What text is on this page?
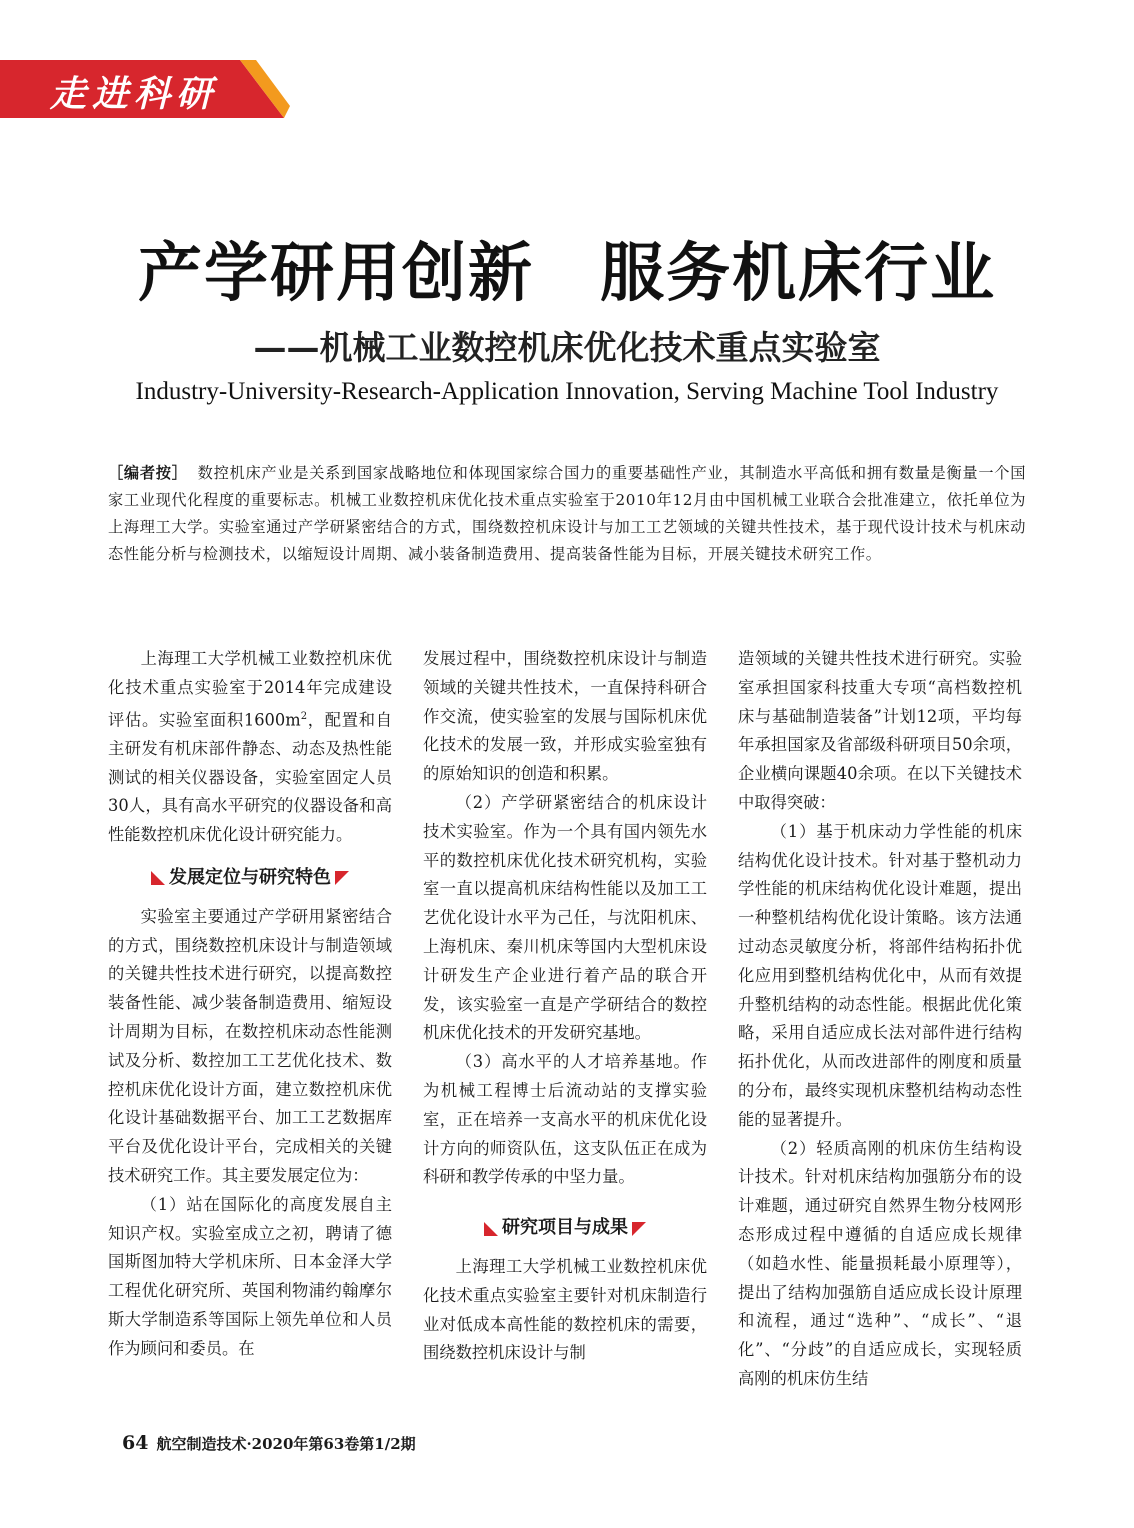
走进科研
产学研用创新　服务机床行业
——机械工业数控机床优化技术重点实验室
Industry-University-Research-Application Innovation, Serving Machine Tool Industry
［编者按］ 数控机床产业是关系到国家战略地位和体现国家综合国力的重要基础性产业，其制造水平高低和拥有数量是衡量一个国家工业现代化程度的重要标志。机械工业数控机床优化技术重点实验室于2010年12月由中国机械工业联合会批准建立，依托单位为上海理工大学。实验室通过产学研紧密结合的方式，围绕数控机床设计与加工工艺领域的关键共性技术，基于现代设计技术与机床动态性能分析与检测技术，以缩短设计周期、减小装备制造费用、提高装备性能为目标，开展关键技术研究工作。

上海理工大学机械工业数控机床优化技术重点实验室于2014年完成建设评估。实验室面积$1600m^2$，配置和自主研发有机床部件静态、动态及热性能测试的相关仪器设备，实验室固定人员30人，具有高水平研究的仪器设备和高性能数控机床优化设计研究能力。

发展定位与研究特色

实验室主要通过产学研用紧密结合的方式，围绕数控机床设计与制造领域的关键共性技术进行研究，以提高数控装备性能、减少装备制造费用、缩短设计周期为目标，在数控机床动态性能测试及分析、数控加工工艺优化技术、数控机床优化设计方面，建立数控机床优化设计基础数据平台、加工工艺数据库平台及优化设计平台，完成相关的关键技术研究工作。其主要发展定位为：

（1）站在国际化的高度发展自主知识产权。实验室成立之初，聘请了德国斯图加特大学机床所、日本金泽大学工程优化研究所、英国利物浦约翰摩尔斯大学制造系等国际上领先单位和人员作为顾问和委员。在

发展过程中，围绕数控机床设计与制造领域的关键共性技术，一直保持科研合作交流，使实验室的发展与国际机床优化技术的发展一致，并形成实验室独有的原始知识的创造和积累。

（2）产学研紧密结合的机床设计技术实验室。作为一个具有国内领先水平的数控机床优化技术研究机构，实验室一直以提高机床结构性能以及加工工艺优化设计水平为己任，与沈阳机床、上海机床、秦川机床等国内大型机床设计研发生产企业进行着产品的联合开发，该实验室一直是产学研结合的数控机床优化技术的开发研究基地。

（3）高水平的人才培养基地。作为机械工程博士后流动站的支撑实验室，正在培养一支高水平的机床优化设计方向的师资队伍，这支队伍正在成为科研和教学传承的中坚力量。

研究项目与成果

上海理工大学机械工业数控机床优化技术重点实验室主要针对机床制造行业对低成本高性能的数控机床的需要，围绕数控机床设计与制

造领域的关键共性技术进行研究。实验室承担国家科技重大专项“高档数控机床与基础制造装备”计划12项，平均每年承担国家及省部级科研项目50余项，企业横向课题40余项。在以下关键技术中取得突破：

（1）基于机床动力学性能的机床结构优化设计技术。针对基于整机动力学性能的机床结构优化设计难题，提出一种整机结构优化设计策略。该方法通过动态灵敏度分析，将部件结构拓扑优化应用到整机结构优化中，从而有效提升整机结构的动态性能。根据此优化策略，采用自适应成长法对部件进行结构拓扑优化，从而改进部件的刚度和质量的分布，最终实现机床整机结构动态性能的显著提升。

（2）轻质高刚的机床仿生结构设计技术。针对机床结构加强筋分布的设计难题，通过研究自然界生物分枝网形态形成过程中遵循的自适应成长规律（如趋水性、能量损耗最小原理等），提出了结构加强筋自适应成长设计原理和流程，通过“选种”、“成长”、“退化”、“分歧”的自适应成长，实现轻质高刚的机床仿生结

64 航空制造技术·2020年第63卷第1/2期
